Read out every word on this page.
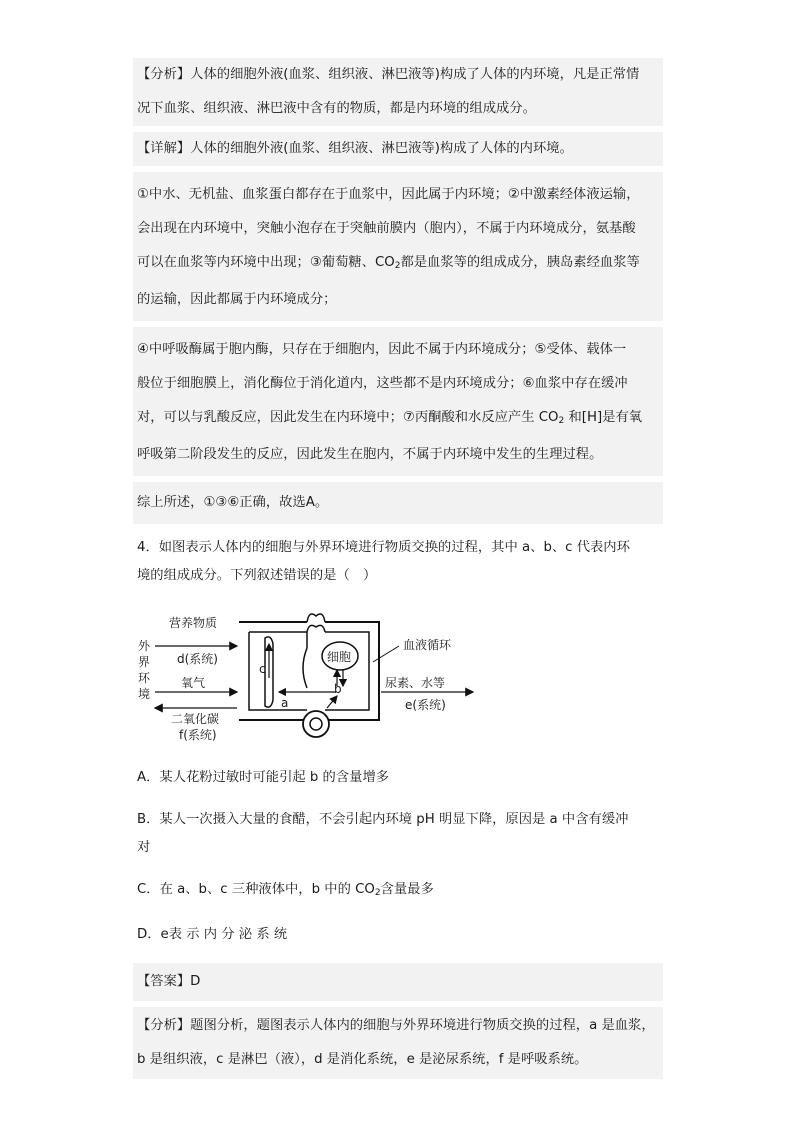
【分析】人体的细胞外液(血浆、组织液、淋巴液等)构成了人体的内环境，凡是正常情

况下血浆、组织液、淋巴液中含有的物质，都是内环境的组成成分。

【详解】人体的细胞外液(血浆、组织液、淋巴液等)构成了人体的内环境。

①中水、无机盐、血浆蛋白都存在于血浆中，因此属于内环境；②中激素经体液运输，

会出现在内环境中，突触小泡存在于突触前膜内（胞内），不属于内环境成分，氨基酸

可以在血浆等内环境中出现；③葡萄糖、$CO_2$都是血浆等的组成成分，胰岛素经血浆等

的运输，因此都属于内环境成分；

④中呼吸酶属于胞内酶，只存在于细胞内，因此不属于内环境成分；⑤受体、载体一

般位于细胞膜上，消化酶位于消化道内，这些都不是内环境成分；⑥血浆中存在缓冲

对，可以与乳酸反应，因此发生在内环境中；⑦丙酮酸和水反应产生 $CO_2$ 和[H]是有氧

呼吸第二阶段发生的反应，因此发生在胞内，不属于内环境中发生的生理过程。

综上所述，①③⑥正确，故选A。

4．如图表示人体内的细胞与外界环境进行物质交换的过程，其中 a、b、c 代表内环
境的组成成分。下列叙述错误的是（　）
外界环境
营养物质
d(系统)
氧气
二氧化碳
f(系统)
细胞
血液循环
尿素、水等
e(系统)
a
b
c
A．某人花粉过敏时可能引起 b 的含量增多
B．某人一次摄入大量的食醋，不会引起内环境 pH 明显下降，原因是 a 中含有缓冲
对
C．在 a、b、c 三种液体中，b 中的 $CO_2$含量最多
D．e表 示 内 分 泌 系 统

【答案】D

【分析】题图分析，题图表示人体内的细胞与外界环境进行物质交换的过程，a 是血浆，

b 是组织液，c 是淋巴（液），d 是消化系统，e 是泌尿系统，f 是呼吸系统。
